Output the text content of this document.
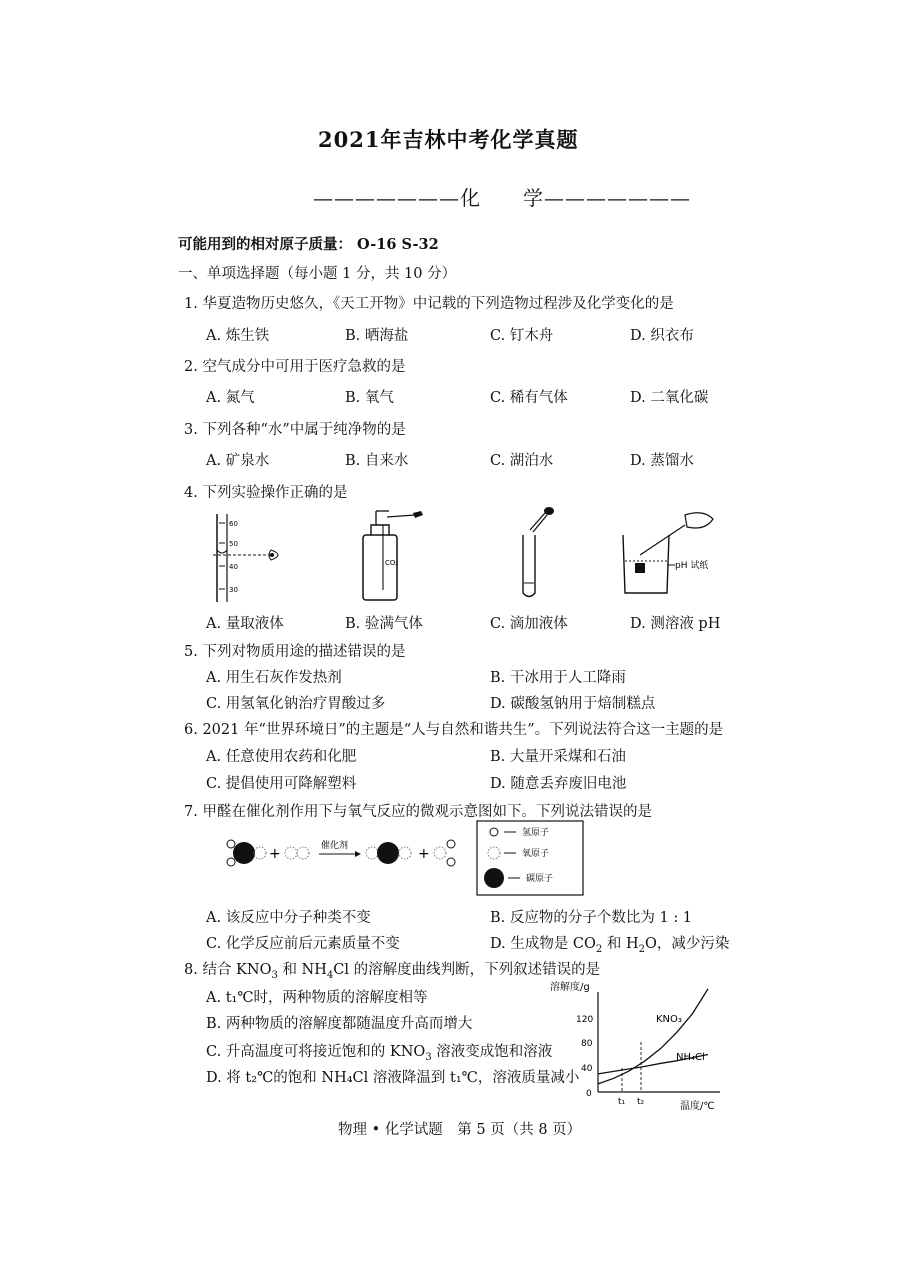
2021年吉林中考化学真题
———————化　　学———————
可能用到的相对原子质量： O-16 S-32
一、单项选择题（每小题 1 分，共 10 分）
1. 华夏造物历史悠久，《天工开物》中记载的下列造物过程涉及化学变化的是
A. 炼生铁	B. 晒海盐	C. 钉木舟	D. 织衣布
2. 空气成分中可用于医疗急救的是
A. 氮气	B. 氧气	C. 稀有气体	D. 二氧化碳
3. 下列各种“水”中属于纯净物的是
A. 矿泉水	B. 自来水	C. 湖泊水	D. 蒸馏水
4. 下列实验操作正确的是
60
50
40
30
CO₂	pH 试纸
A. 量取液体	B. 验满气体	C. 滴加液体	D. 测溶液 pH
5. 下列对物质用途的描述错误的是
A. 用生石灰作发热剂	B. 干冰用于人工降雨
C. 用氢氧化钠治疗胃酸过多	D. 碳酸氢钠用于焙制糕点
6. 2021 年“世界环境日”的主题是“人与自然和谐共生”。下列说法符合这一主题的是
A. 任意使用农药和化肥	B. 大量开采煤和石油
C. 提倡使用可降解塑料	D. 随意丢弃废旧电池
7. 甲醛在催化剂作用下与氧气反应的微观示意图如下。下列说法错误的是
+	催化剂	+
氢原子
氧原子
碳原子
A. 该反应中分子种类不变	B. 反应物的分子个数比为 1 : 1
C. 化学反应前后元素质量不变	D. 生成物是 $CO_2$ 和 $H_2O$，减少污染
8. 结合 $KNO_3$ 和 $NH_4Cl$ 的溶解度曲线判断，下列叙述错误的是
A. t₁℃时，两种物质的溶解度相等
B. 两种物质的溶解度都随温度升高而增大
C. 升高温度可将接近饱和的 $KNO_3$ 溶液变成饱和溶液
D. 将 t₂℃的饱和 NH₄Cl 溶液降温到 t₁℃，溶液质量减小
溶解度/g
温度/℃
0
40
80
120
t₁ t₂
KNO₃
NH₄Cl
物理 • 化学试题　第 5 页（共 8 页）
